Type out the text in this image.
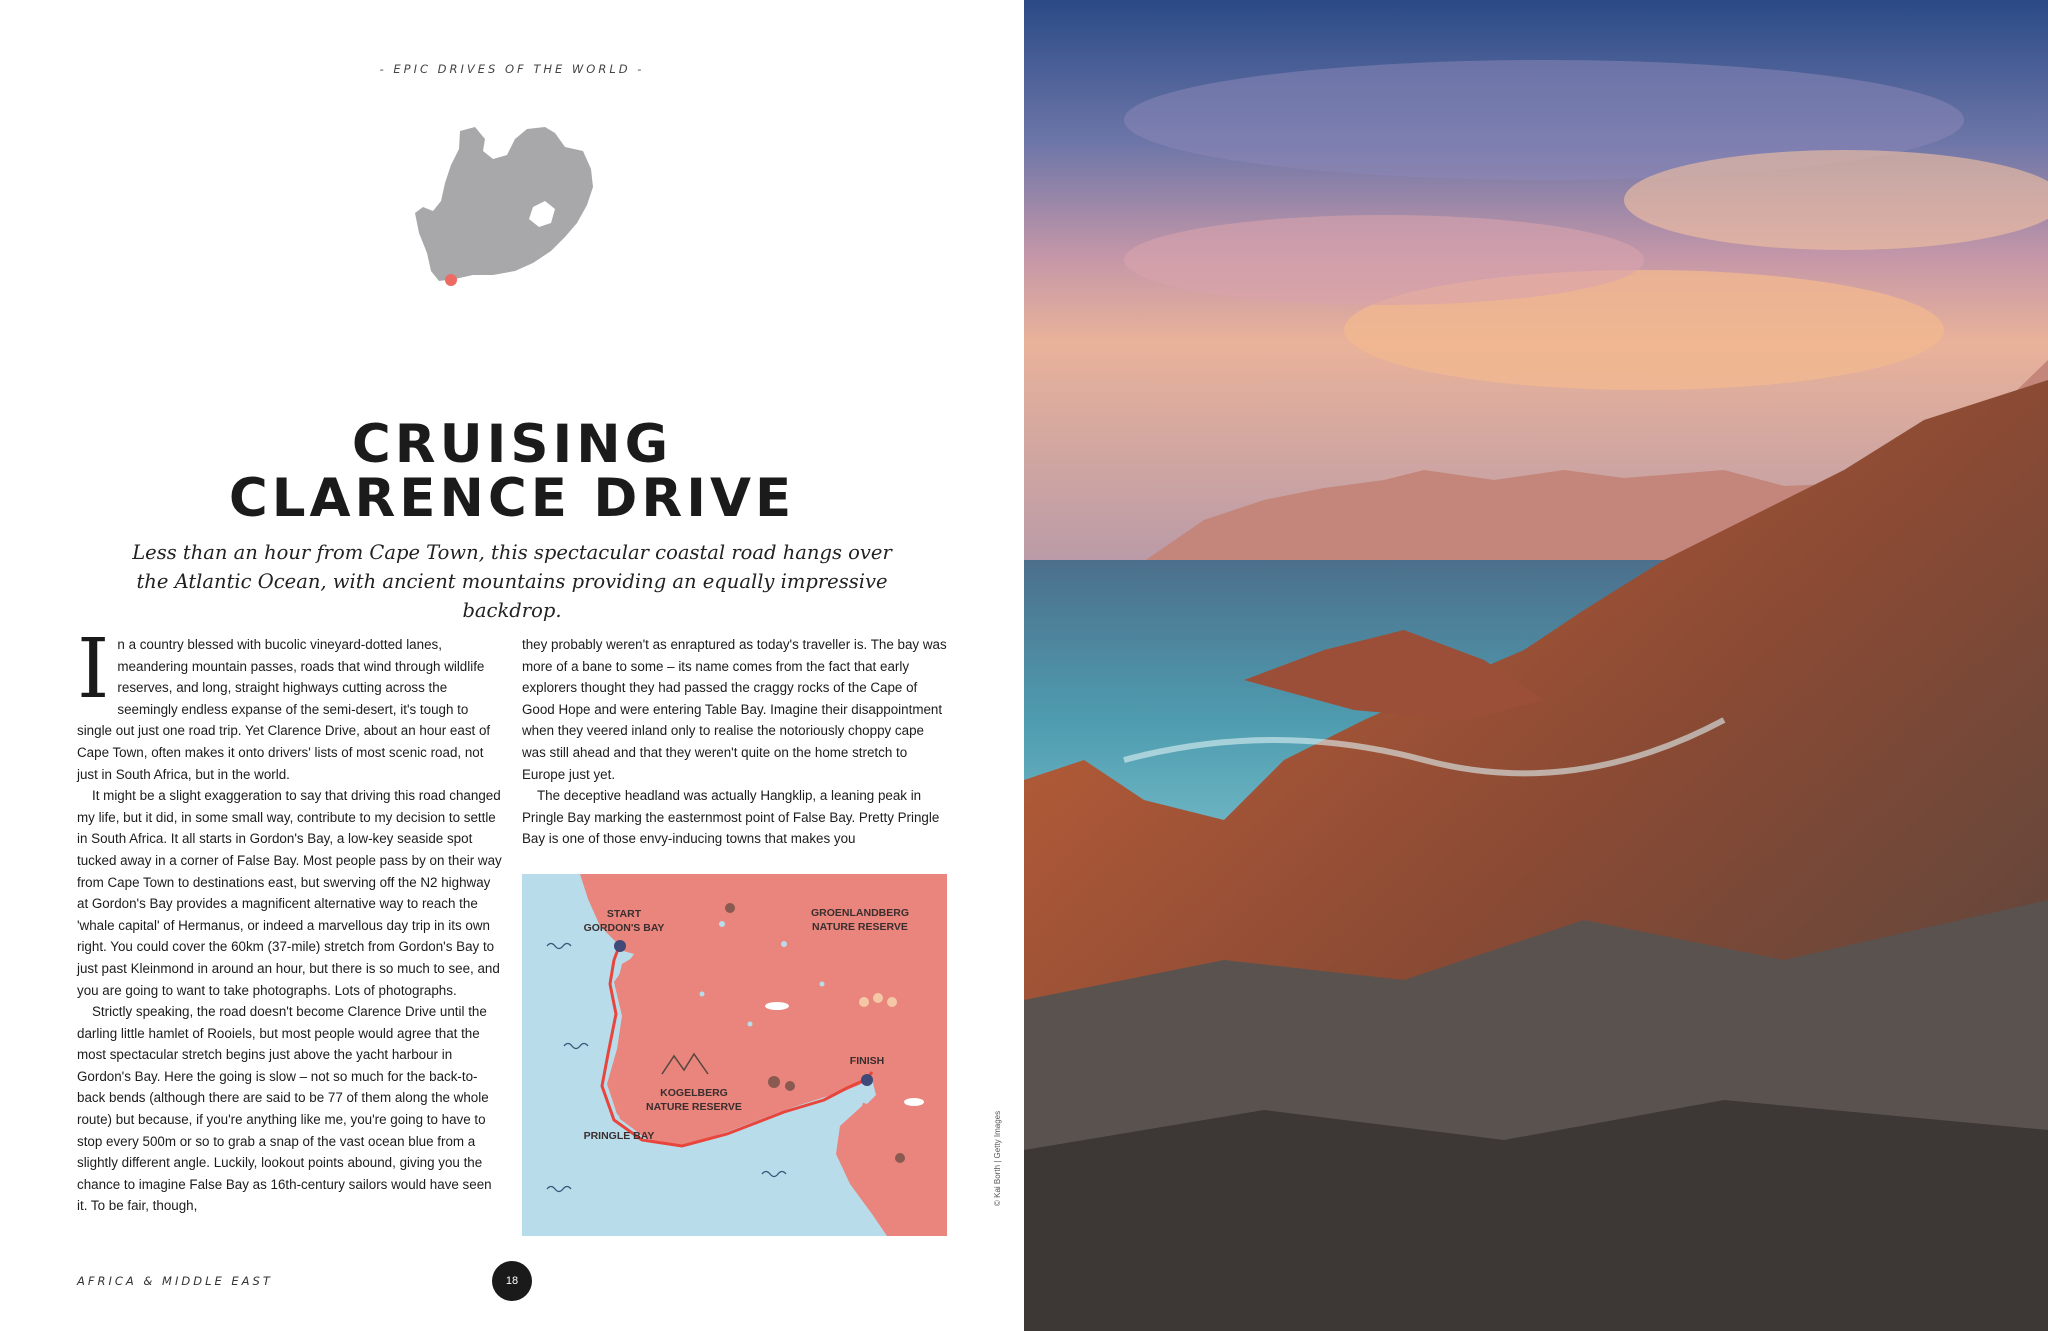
- EPIC DRIVES OF THE WORLD -
CRUISING
CLARENCE DRIVE
Less than an hour from Cape Town, this spectacular coastal road hangs over
the Atlantic Ocean, with ancient mountains providing an equally impressive backdrop.

In a country blessed with bucolic vineyard-dotted lanes, meandering mountain passes, roads that wind through wildlife reserves, and long, straight highways cutting across the seemingly endless expanse of the semi-desert, it's tough to single out just one road trip. Yet Clarence Drive, about an hour east of Cape Town, often makes it onto drivers' lists of most scenic road, not just in South Africa, but in the world.

It might be a slight exaggeration to say that driving this road changed my life, but it did, in some small way, contribute to my decision to settle in South Africa. It all starts in Gordon's Bay, a low-key seaside spot tucked away in a corner of False Bay. Most people pass by on their way from Cape Town to destinations east, but swerving off the N2 highway at Gordon's Bay provides a magnificent alternative way to reach the 'whale capital' of Hermanus, or indeed a marvellous day trip in its own right. You could cover the 60km (37-mile) stretch from Gordon's Bay to just past Kleinmond in around an hour, but there is so much to see, and you are going to want to take photographs. Lots of photographs.

Strictly speaking, the road doesn't become Clarence Drive until the darling little hamlet of Rooiels, but most people would agree that the most spectacular stretch begins just above the yacht harbour in Gordon's Bay. Here the going is slow – not so much for the back-to-back bends (although there are said to be 77 of them along the whole route) but because, if you're anything like me, you're going to have to stop every 500m or so to grab a snap of the vast ocean blue from a slightly different angle. Luckily, lookout points abound, giving you the chance to imagine False Bay as 16th-century sailors would have seen it. To be fair, though,

they probably weren't as enraptured as today's traveller is. The bay was more of a bane to some – its name comes from the fact that early explorers thought they had passed the craggy rocks of the Cape of Good Hope and were entering Table Bay. Imagine their disappointment when they veered inland only to realise the notoriously choppy cape was still ahead and that they weren't quite on the home stretch to Europe just yet.

The deceptive headland was actually Hangklip, a leaning peak in Pringle Bay marking the easternmost point of False Bay. Pretty Pringle Bay is one of those envy-inducing towns that makes you

START
GORDON'S BAY
GROENLANDBERG
NATURE RESERVE
FINISH
KOGELBERG
NATURE RESERVE
PRINGLE BAY
AFRICA & MIDDLE EAST	18
© Kai Borth | Getty Images
